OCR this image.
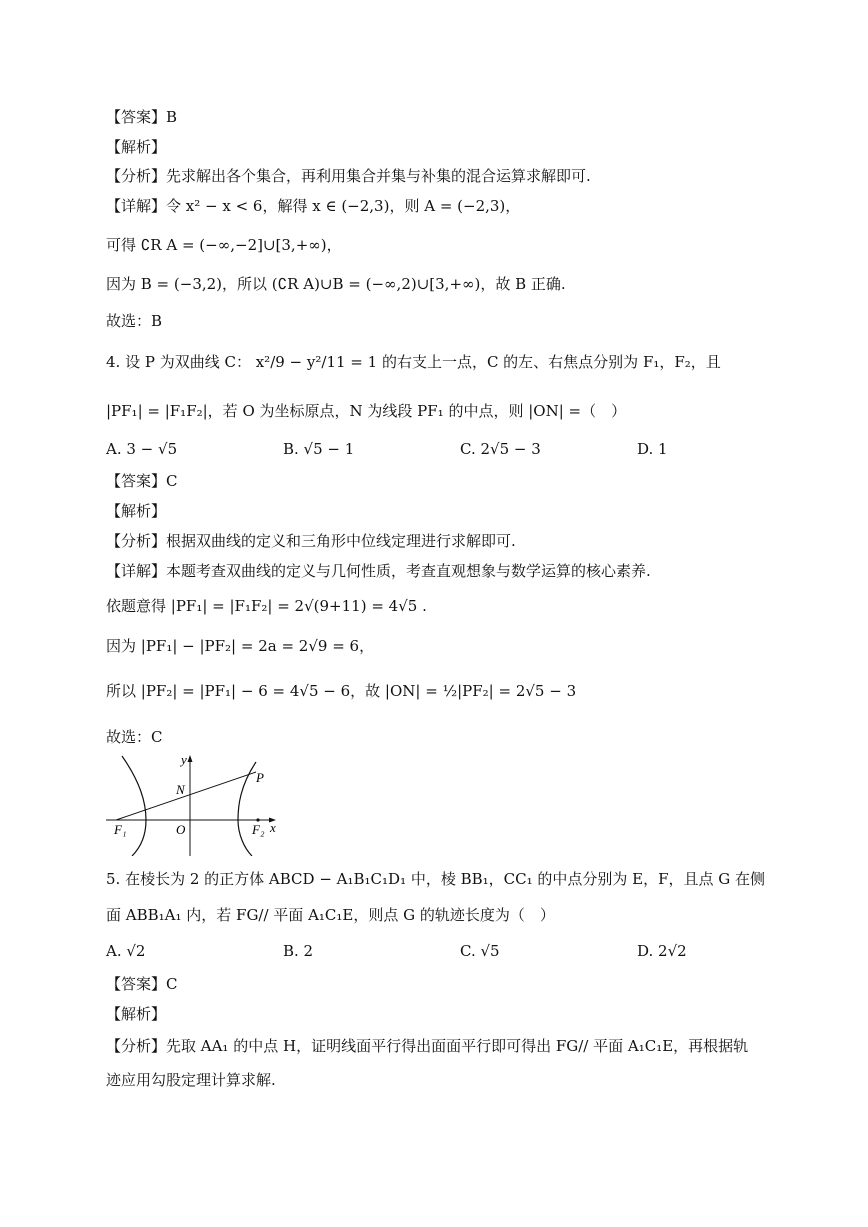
【答案】B
【解析】
【分析】先求解出各个集合，再利用集合并集与补集的混合运算求解即可.
【详解】令 x² − x < 6，解得 x ∈ (−2,3)，则 A = (−2,3)，
可得 ∁R A = (−∞,−2]∪[3,+∞)，
因为 B = (−3,2)，所以 (∁R A)∪B = (−∞,2)∪[3,+∞)，故 B 正确.
故选：B
4. 设 P 为双曲线 C： x²/9 − y²/11 = 1 的右支上一点，C 的左、右焦点分别为 F₁，F₂，且
|PF₁| = |F₁F₂|，若 O 为坐标原点，N 为线段 PF₁ 的中点，则 |ON| =（　）
A. 3 − √5	B. √5 − 1	C. 2√5 − 3	D. 1
【答案】C
【解析】
【分析】根据双曲线的定义和三角形中位线定理进行求解即可.
【详解】本题考查双曲线的定义与几何性质，考查直观想象与数学运算的核心素养.
依题意得 |PF₁| = |F₁F₂| = 2√(9+11) = 4√5 .
因为 |PF₁| − |PF₂| = 2a = 2√9 = 6，
所以 |PF₂| = |PF₁| − 6 = 4√5 − 6，故 |ON| = ½|PF₂| = 2√5 − 3
故选：C
y
P
N
F₁	O	F₂ x
5. 在棱长为 2 的正方体 ABCD − A₁B₁C₁D₁ 中，棱 BB₁，CC₁ 的中点分别为 E，F，且点 G 在侧
面 ABB₁A₁ 内，若 FG// 平面 A₁C₁E，则点 G 的轨迹长度为（　）
A. √2	B. 2	C. √5	D. 2√2
【答案】C
【解析】
【分析】先取 AA₁ 的中点 H，证明线面平行得出面面平行即可得出 FG// 平面 A₁C₁E，再根据轨
迹应用勾股定理计算求解.
